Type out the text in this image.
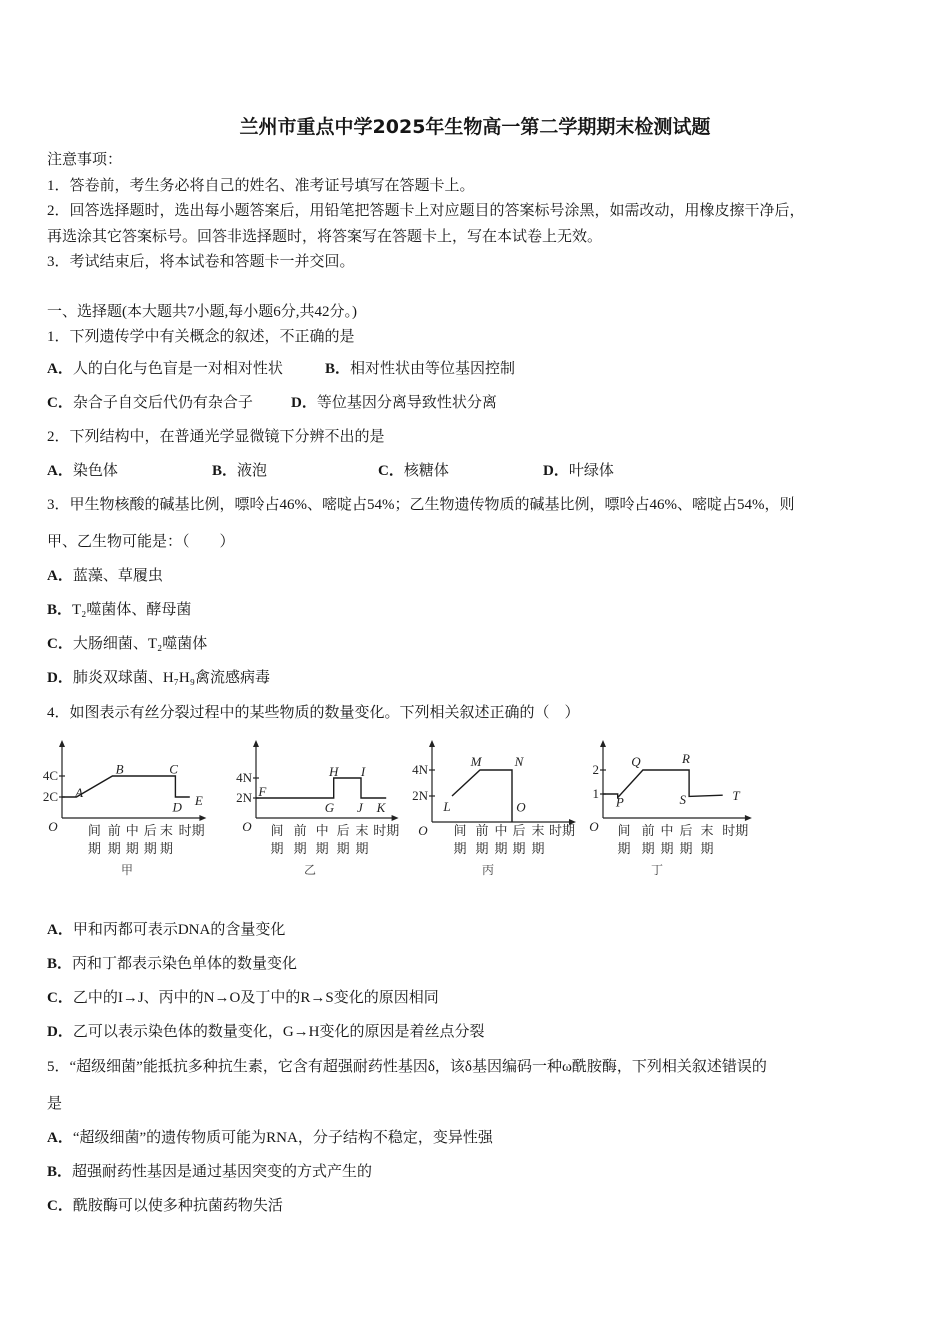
兰州市重点中学2025年生物高一第二学期期末检测试题
注意事项：
1．答卷前，考生务必将自己的姓名、准考证号填写在答题卡上。
2．回答选择题时，选出每小题答案后，用铅笔把答题卡上对应题目的答案标号涂黑，如需改动，用橡皮擦干净后，
再选涂其它答案标号。回答非选择题时，将答案写在答题卡上，写在本试卷上无效。
3．考试结束后，将本试卷和答题卡一并交回。
一、选择题(本大题共7小题,每小题6分,共42分。)
1．下列遗传学中有关概念的叙述，不正确的是
A．人的白化与色盲是一对相对性状	B．相对性状由等位基因控制
C．杂合子自交后代仍有杂合子	D．等位基因分离导致性状分离
2．下列结构中，在普通光学显微镜下分辨不出的是
A．染色体	B．液泡	C．核糖体	D．叶绿体
3．甲生物核酸的碱基比例，嘌呤占46%、嘧啶占54%；乙生物遗传物质的碱基比例，嘌呤占46%、嘧啶占54%，则
甲、乙生物可能是：（　　）
A．蓝藻、草履虫
B．T₂噬菌体、酵母菌
C．大肠细菌、T₂噬菌体
D．肺炎双球菌、H₇H₉禽流感病毒
4．如图表示有丝分裂过程中的某些物质的数量变化。下列相关叙述正确的（　）
4C
2C
O
A
B	C
D E
间
期
前
期
中
期
后
期
末
期
时期
甲
4N
2N
O
F
G
H I
J K
间
期
前
期
中
期
后
期
末
期
时期
乙
4N
2N
O
L
M	N
O
间
期
前
期
中
期
后
期
末
期
时期
丙
2
1
O
P
Q	R
S	T
间
期
前
期
中
期
后
期
末
期
时期
丁
A．甲和丙都可表示DNA的含量变化
B．丙和丁都表示染色单体的数量变化
C．乙中的I→J、丙中的N→O及丁中的R→S变化的原因相同
D．乙可以表示染色体的数量变化，G→H变化的原因是着丝点分裂
5．“超级细菌”能抵抗多种抗生素，它含有超强耐药性基因δ，该δ基因编码一种ω酰胺酶，下列相关叙述错误的
是
A．“超级细菌”的遗传物质可能为RNA，分子结构不稳定，变异性强
B．超强耐药性基因是通过基因突变的方式产生的
C．酰胺酶可以使多种抗菌药物失活
